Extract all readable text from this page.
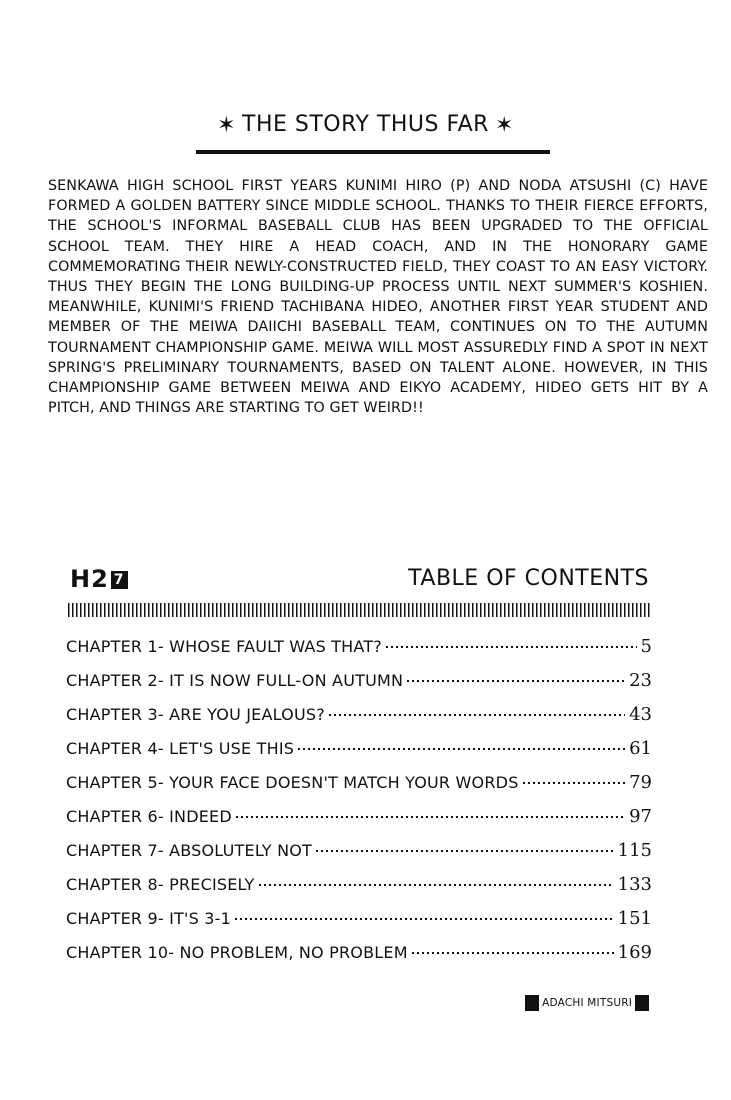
✶ THE STORY THUS FAR ✶

SENKAWA HIGH SCHOOL FIRST YEARS KUNIMI HIRO (P) AND NODA ATSUSHI (C) HAVE FORMED A GOLDEN BATTERY SINCE MIDDLE SCHOOL. THANKS TO THEIR FIERCE EFFORTS, THE SCHOOL'S INFORMAL BASEBALL CLUB HAS BEEN UPGRADED TO THE OFFICIAL SCHOOL TEAM. THEY HIRE A HEAD COACH, AND IN THE HONORARY GAME COMMEMORATING THEIR NEWLY-CONSTRUCTED FIELD, THEY COAST TO AN EASY VICTORY. THUS THEY BEGIN THE LONG BUILDING-UP PROCESS UNTIL NEXT SUMMER'S KOSHIEN. MEANWHILE, KUNIMI'S FRIEND TACHIBANA HIDEO, ANOTHER FIRST YEAR STUDENT AND MEMBER OF THE MEIWA DAIICHI BASEBALL TEAM, CONTINUES ON TO THE AUTUMN TOURNAMENT CHAMPIONSHIP GAME. MEIWA WILL MOST ASSUREDLY FIND A SPOT IN NEXT SPRING'S PRELIMINARY TOURNAMENTS, BASED ON TALENT ALONE. HOWEVER, IN THIS CHAMPIONSHIP GAME BETWEEN MEIWA AND EIKYO ACADEMY, HIDEO GETS HIT BY A PITCH, AND THINGS ARE STARTING TO GET WEIRD!!

H2 7	TABLE OF CONTENTS
CHAPTER 1- WHOSE FAULT WAS THAT?	5
CHAPTER 2- IT IS NOW FULL-ON AUTUMN	23
CHAPTER 3- ARE YOU JEALOUS?	43
CHAPTER 4- LET'S USE THIS	61
CHAPTER 5- YOUR FACE DOESN'T MATCH YOUR WORDS	79
CHAPTER 6- INDEED	97
CHAPTER 7- ABSOLUTELY NOT	115
CHAPTER 8- PRECISELY	133
CHAPTER 9- IT'S 3-1	151
CHAPTER 10- NO PROBLEM, NO PROBLEM	169
ADACHI MITSURI
